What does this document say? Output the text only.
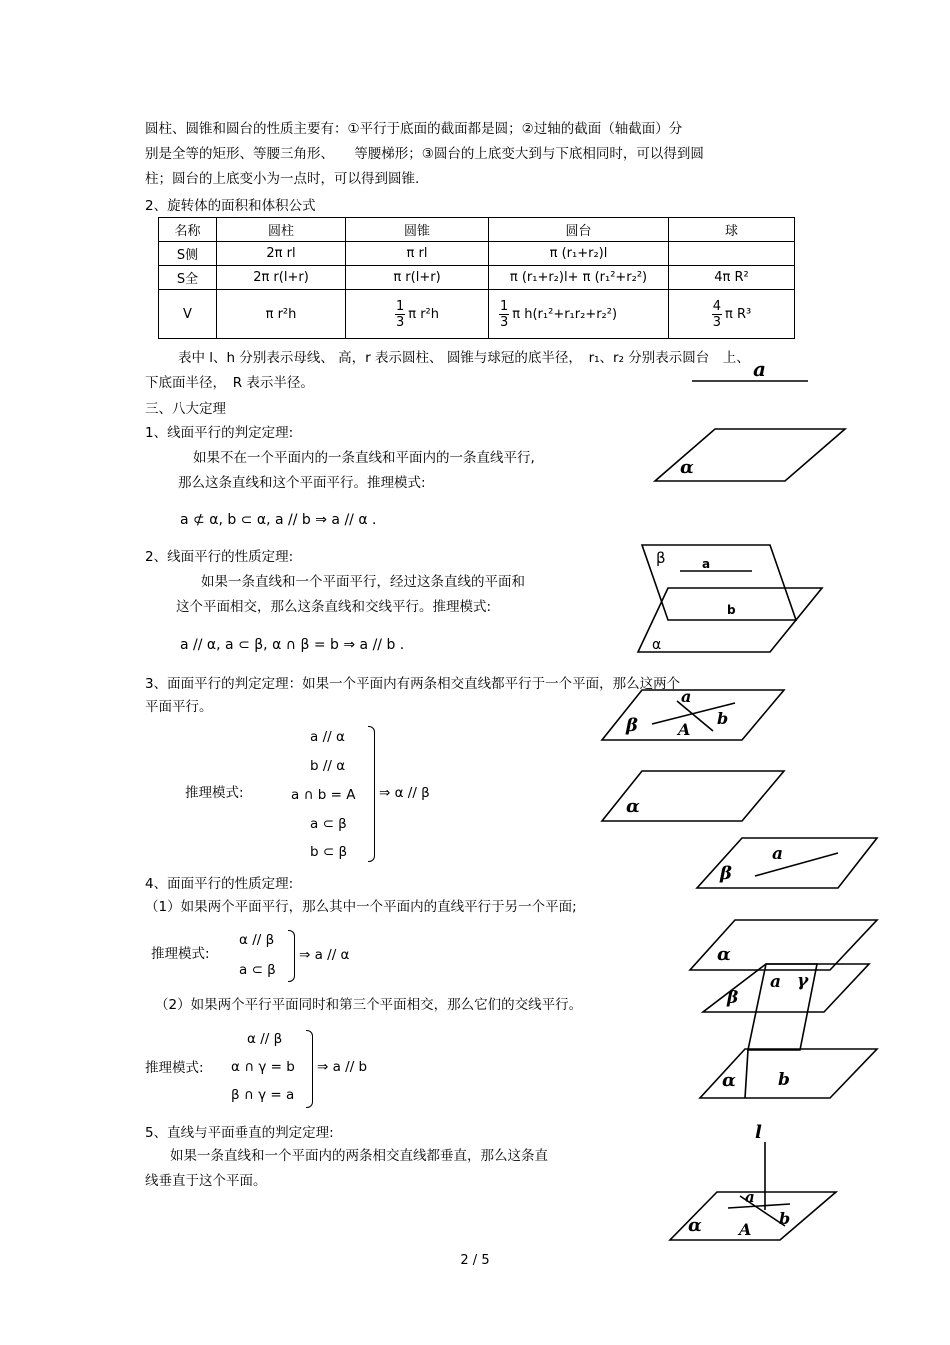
圆柱、圆锥和圆台的性质主要有：①平行于底面的截面都是圆；②过轴的截面（轴截面）分
别是全等的矩形、等腰三角形、　　等腰梯形；③圆台的上底变大到与下底相同时，可以得到圆
柱；圆台的上底变小为一点时，可以得到圆锥.
2、旋转体的面积和体积公式
名称	圆柱	圆锥	圆台	球
S侧	2π rl	π rl	π (r₁+r₂)l	
S全	2π r(l+r)	π r(l+r)	π (r₁+r₂)l+ π (r₁²+r₂²)	4π R²
V	π r²h	$\frac{1}{3}$ π r²h	$\frac{1}{3}$ π h(r₁²+r₁r₂+r₂²)	$\frac{4}{3}$ π R³
表中 l、h 分别表示母线、 高，r 表示圆柱、 圆锥与球冠的底半径，　r₁、r₂ 分别表示圆台　上、
下底面半径，　R 表示半径。
三、八大定理
1、线面平行的判定定理:
如果不在一个平面内的一条直线和平面内的一条直线平行,
那么这条直线和这个平面平行。推理模式:
a ⊄ α, b ⊂ α, a // b ⇒ a // α .
2、线面平行的性质定理:
如果一条直线和一个平面平行，经过这条直线的平面和
这个平面相交，那么这条直线和交线平行。推理模式:
a // α, a ⊂ β, α ∩ β = b ⇒ a // b .
3、面面平行的判定定理：如果一个平面内有两条相交直线都平行于一个平面，那么这两个
平面平行。
推理模式:
a // α
b // α
a ∩ b = A
a ⊂ β
b ⊂ β
⇒ α // β
4、面面平行的性质定理:
（1）如果两个平面平行，那么其中一个平面内的直线平行于另一个平面;
推理模式:
α // β
a ⊂ β
⇒ a // α
（2）如果两个平行平面同时和第三个平面相交，那么它们的交线平行。
推理模式:
α // β
α ∩ γ = b
β ∩ γ = a
⇒ a // b
5、直线与平面垂直的判定定理:
如果一条直线和一个平面内的两条相交直线都垂直，那么这条直
线垂直于这个平面。
a
α
β	a
b
α
a
β	A
b
α
a
β
α
β
a γ
α b
l
a
α A
b
2 / 5
